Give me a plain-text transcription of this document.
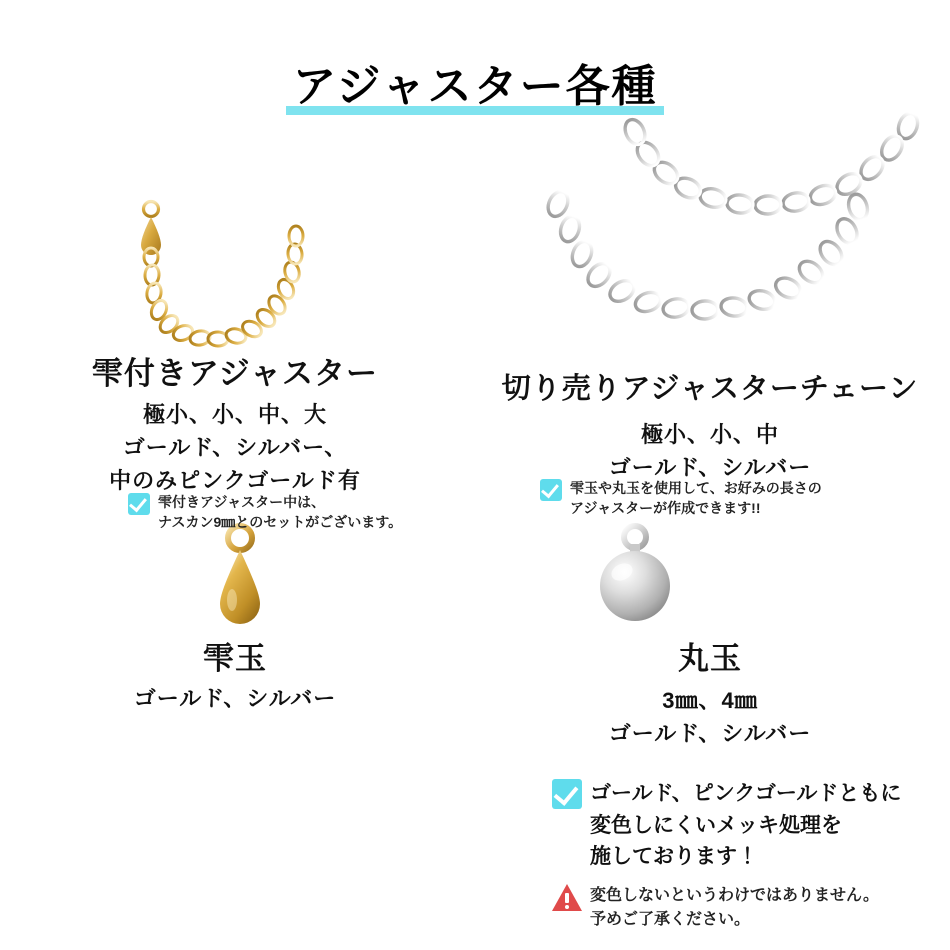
アジャスター各種
雫付きアジャスター
極小、小、中、大
ゴールド、シルバー、
中のみピンクゴールド有
雫付きアジャスター中は、
ナスカン9㎜とのセットがございます。
切り売りアジャスターチェーン
極小、小、中
ゴールド、シルバー
雫玉や丸玉を使用して、お好みの長さの
アジャスターが作成できます!!
雫玉
ゴールド、シルバー
丸玉
3㎜、4㎜
ゴールド、シルバー
ゴールド、ピンクゴールドともに
変色しにくいメッキ処理を
施しております！
変色しないというわけではありません。
予めご了承ください。
